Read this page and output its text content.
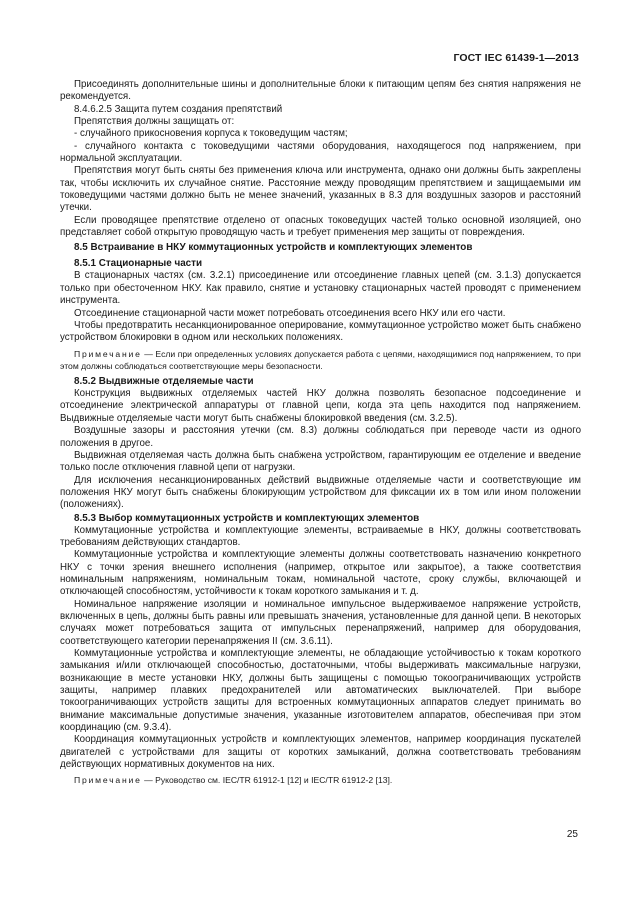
ГОСТ IEC 61439-1—2013

Присоединять дополнительные шины и дополнительные блоки к питающим цепям без снятия напряжения не рекомендуется.

8.4.6.2.5 Защита путем создания препятствий

Препятствия должны защищать от:

- случайного прикосновения корпуса к токоведущим частям;

- случайного контакта с токоведущими частями оборудования, находящегося под напряжением, при нормальной эксплуатации.

Препятствия могут быть сняты без применения ключа или инструмента, однако они должны быть закреплены так, чтобы исключить их случайное снятие. Расстояние между проводящим препятствием и защищаемыми им токоведущими частями должно быть не менее значений, указанных в 8.3 для воздушных зазоров и расстояний утечки.

Если проводящее препятствие отделено от опасных токоведущих частей только основной изоляцией, оно представляет собой открытую проводящую часть и требует применения мер защиты от повреждения.

8.5 Встраивание в НКУ коммутационных устройств и комплектующих элементов
8.5.1 Стационарные части

В стационарных частях (см. 3.2.1) присоединение или отсоединение главных цепей (см. 3.1.3) допускается только при обесточенном НКУ. Как правило, снятие и установку стационарных частей проводят с применением инструмента.

Отсоединение стационарной части может потребовать отсоединения всего НКУ или его части.

Чтобы предотвратить несанкционированное оперирование, коммутационное устройство может быть снабжено устройством блокировки в одном или нескольких положениях.

Примечание — Если при определенных условиях допускается работа с цепями, находящимися под напряжением, то при этом должны соблюдаться соответствующие меры безопасности.

8.5.2 Выдвижные отделяемые части

Конструкция выдвижных отделяемых частей НКУ должна позволять безопасное подсоединение и отсоединение электрической аппаратуры от главной цепи, когда эта цепь находится под напряжением. Выдвижные отделяемые части могут быть снабжены блокировкой введения (см. 3.2.5).

Воздушные зазоры и расстояния утечки (см. 8.3) должны соблюдаться при переводе части из одного положения в другое.

Выдвижная отделяемая часть должна быть снабжена устройством, гарантирующим ее отделение и введение только после отключения главной цепи от нагрузки.

Для исключения несанкционированных действий выдвижные отделяемые части и соответствующие им положения НКУ могут быть снабжены блокирующим устройством для фиксации их в том или ином положении (положениях).

8.5.3 Выбор коммутационных устройств и комплектующих элементов

Коммутационные устройства и комплектующие элементы, встраиваемые в НКУ, должны соответствовать требованиям действующих стандартов.

Коммутационные устройства и комплектующие элементы должны соответствовать назначению конкретного НКУ с точки зрения внешнего исполнения (например, открытое или закрытое), а также соответствия номинальным напряжениям, номинальным токам, номинальной частоте, сроку службы, включающей и отключающей способностям, устойчивости к токам короткого замыкания и т. д.

Номинальное напряжение изоляции и номинальное импульсное выдерживаемое напряжение устройств, включенных в цепь, должны быть равны или превышать значения, установленные для данной цепи. В некоторых случаях может потребоваться защита от импульсных перенапряжений, например для оборудования, соответствующего категории перенапряжения II (см. 3.6.11).

Коммутационные устройства и комплектующие элементы, не обладающие устойчивостью к токам короткого замыкания и/или отключающей способностью, достаточными, чтобы выдерживать максимальные нагрузки, возникающие в месте установки НКУ, должны быть защищены с помощью токоограничивающих устройств защиты, например плавких предохранителей или автоматических выключателей. При выборе токоограничивающих устройств защиты для встроенных коммутационных аппаратов следует принимать во внимание максимальные допустимые значения, указанные изготовителем аппаратов, обеспечивая при этом координацию (см. 9.3.4).

Координация коммутационных устройств и комплектующих элементов, например координация пускателей двигателей с устройствами для защиты от коротких замыканий, должна соответствовать требованиям действующих нормативных документов на них.

Примечание — Руководство см. IEC/TR 61912-1 [12] и IEC/TR 61912-2 [13].

25
